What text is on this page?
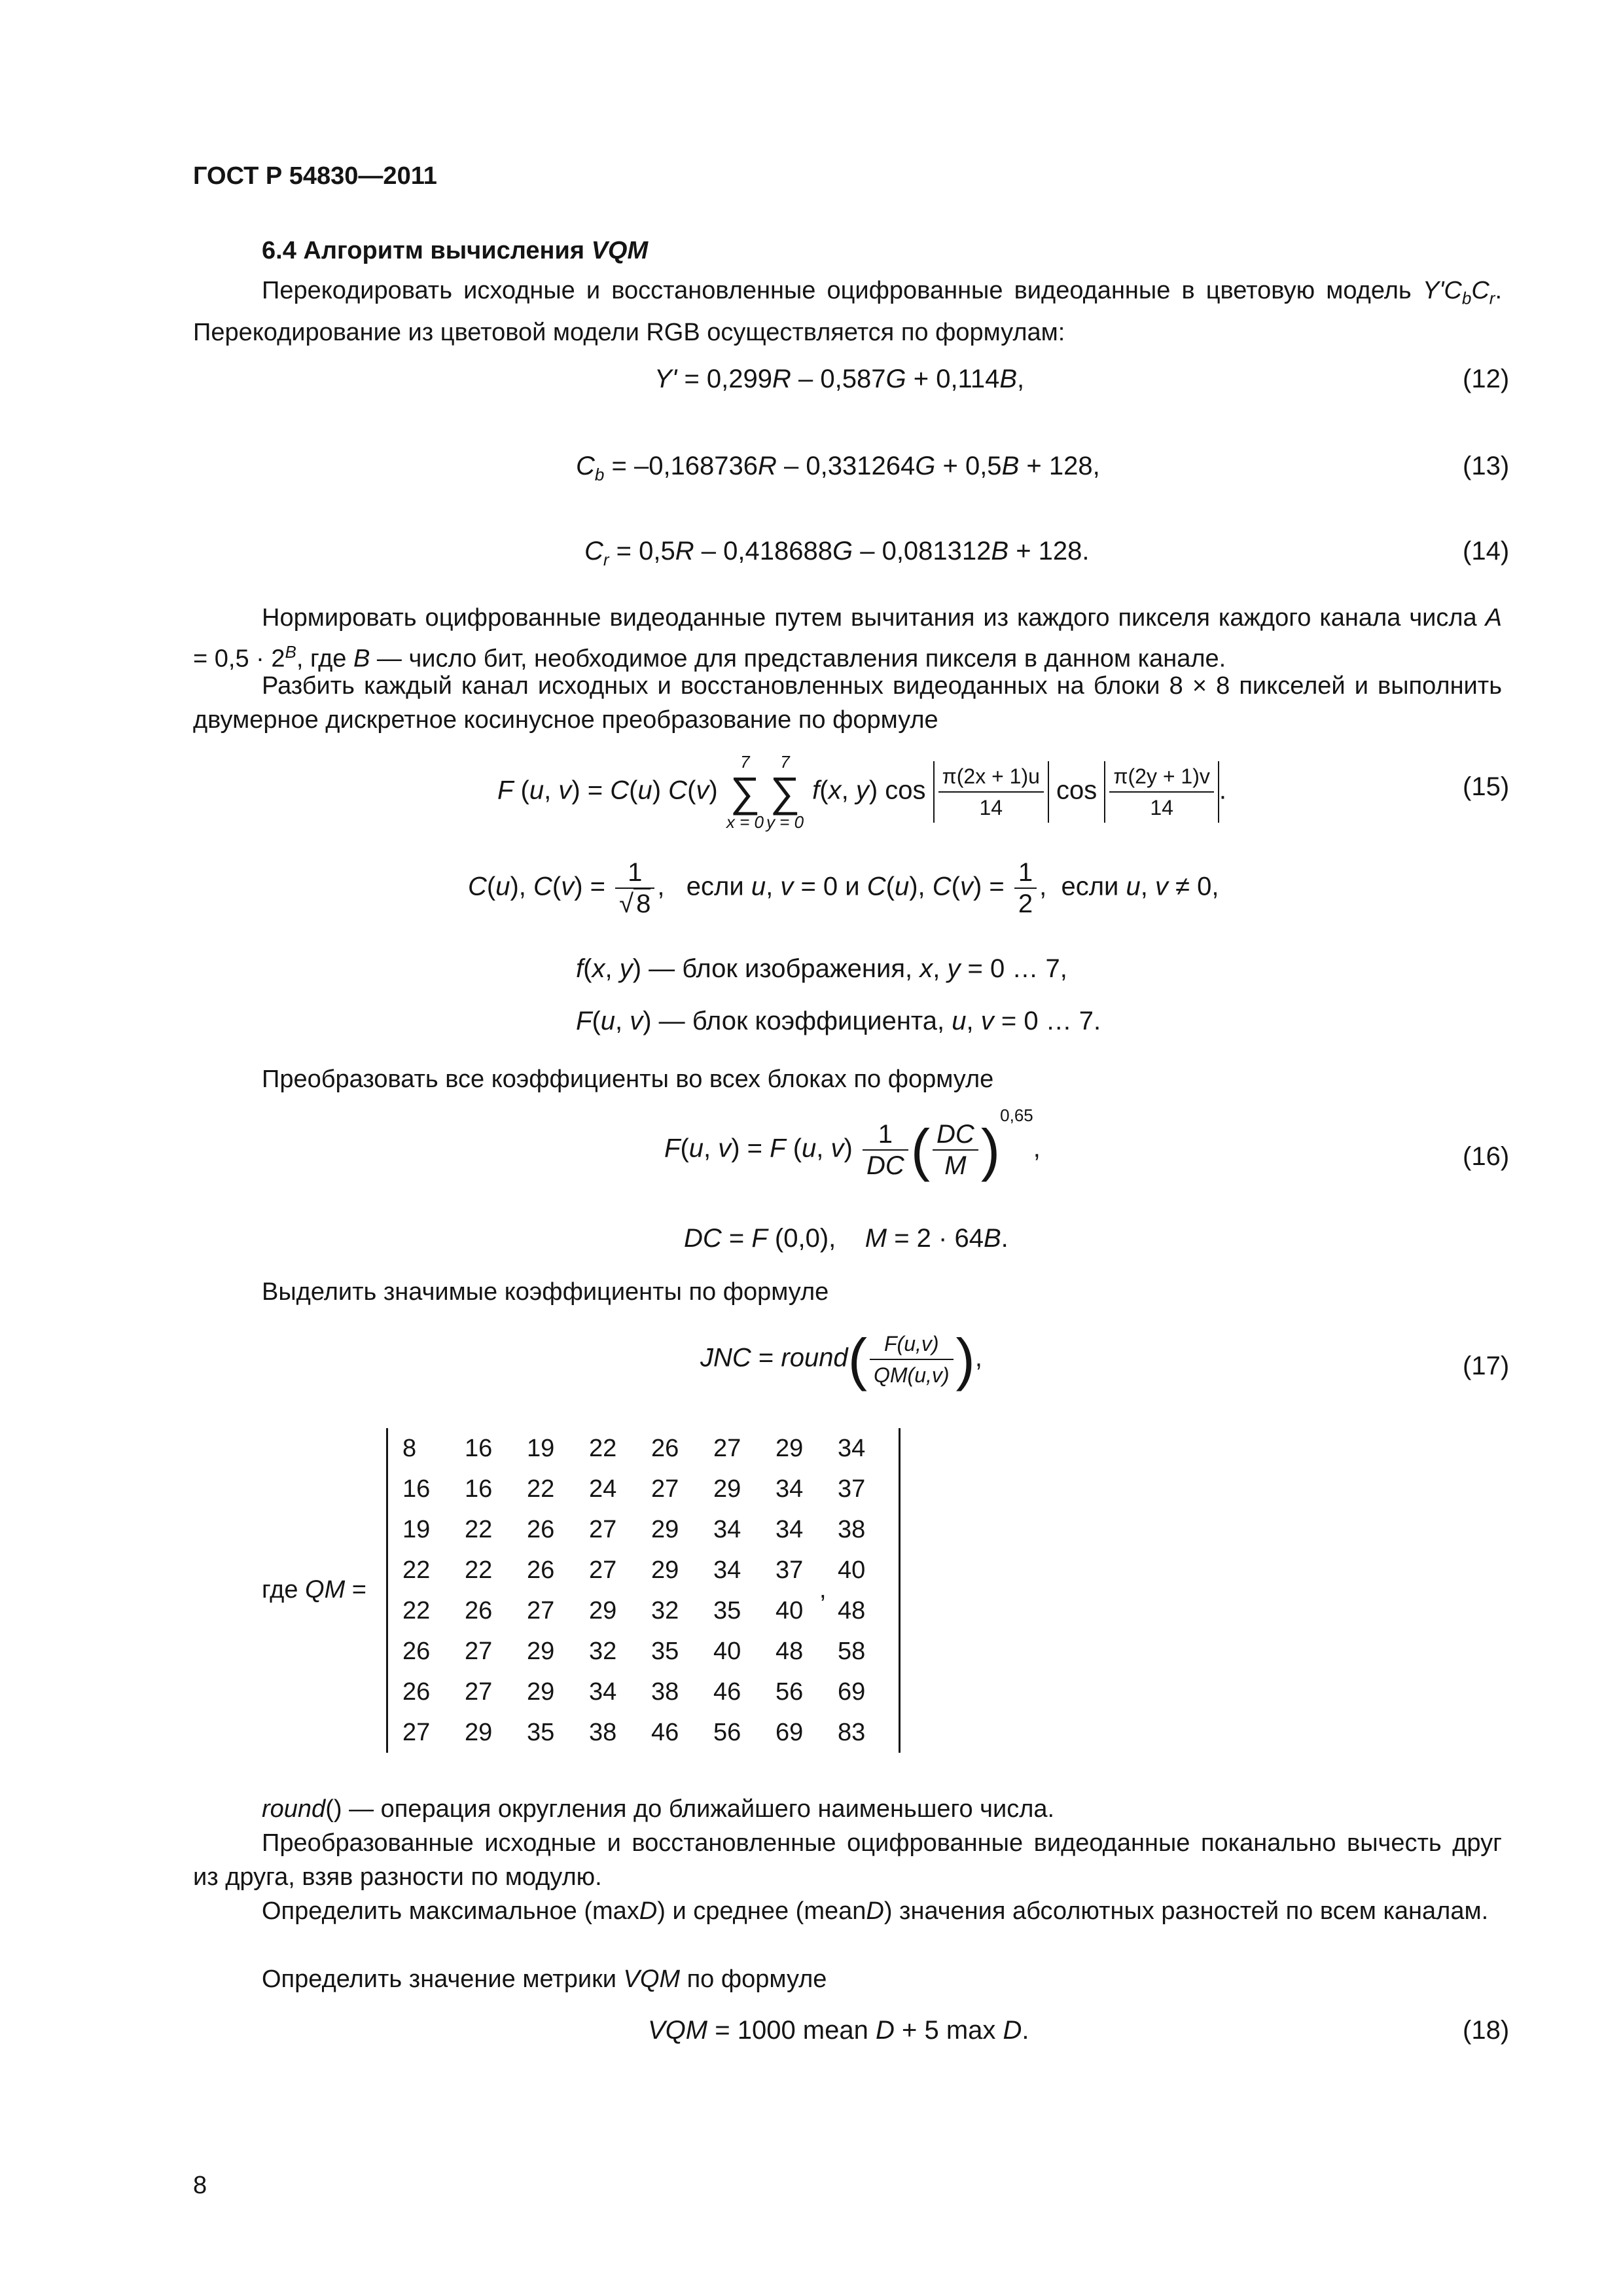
ГОСТ Р 54830—2011
6.4 Алгоритм вычисления VQM
Перекодировать исходные и восстановленные оцифрованные видеоданные в цветовую модель $Y'C_bC_r$. Перекодирование из цветовой модели RGB осуществляется по формулам:
Y' = 0,299R – 0,587G + 0,114B,	(12)
$C_b = -0,168736R - 0,331264G + 0,5B + 128$,	(13)
$C_r = 0,5R - 0,418688G - 0,081312B + 128$.	(14)
Нормировать оцифрованные видеоданные путем вычитания из каждого пикселя каждого канала числа $A = 0,5 \cdot 2^B$, где B — число бит, необходимое для представления пикселя в данном канале.
Разбить каждый канал исходных и восстановленных видеоданных на блоки 8 × 8 пикселей и выполнить двумерное дискретное косинусное преобразование по формуле
F (u, v) = C(u) C(v)
7
∑
x = 0
7
∑
y = 0
f(x, y) $\cos \frac{\pi(2x + 1)u}{14}$ $\cos \frac{\pi(2y + 1)v}{14}$ .	(15)
C(u), $C(v) = \frac{1}{√ 8}$ ,   если u, v = 0 и C(u), $C(v) = \frac{1}{2}$ ,  если u, v ≠ 0,
f(x, y) — блок изображения, x, y = 0 … 7,
F(u, v) — блок коэффициента, u, v = 0 … 7.
Преобразовать все коэффициенты во всех блоках по формуле
F(u, v) = F (u, $v) \frac{1}{DC}$ ( $\frac{DC}{M} )^{0,65}$,	(16)
DC = F (0,0),    M = 2 · 64B.
Выделить значимые коэффициенты по формуле
JNC = round( $\frac{F(u,v)}{QM(u,v)}$ ),	(17)
где QM =
8	16	19	22	26	27	29	34
16	16	22	24	27	29	34	37
19	22	26	27	29	34	34	38
22	22	26	27	29	34	37	40
22	26	27	29	32	35	40	48
26	27	29	32	35	40	48	58
26	27	29	34	38	46	56	69
27	29	35	38	46	56	69	83
,
round() — операция округления до ближайшего наименьшего числа.
Преобразованные исходные и восстановленные оцифрованные видеоданные поканально вычесть друг из друга, взяв разности по модулю.
Определить максимальное (maxD) и среднее (meanD) значения абсолютных разностей по всем каналам.
Определить значение метрики VQM по формуле
VQM = 1000 mean D + 5 max D.	(18)
8
